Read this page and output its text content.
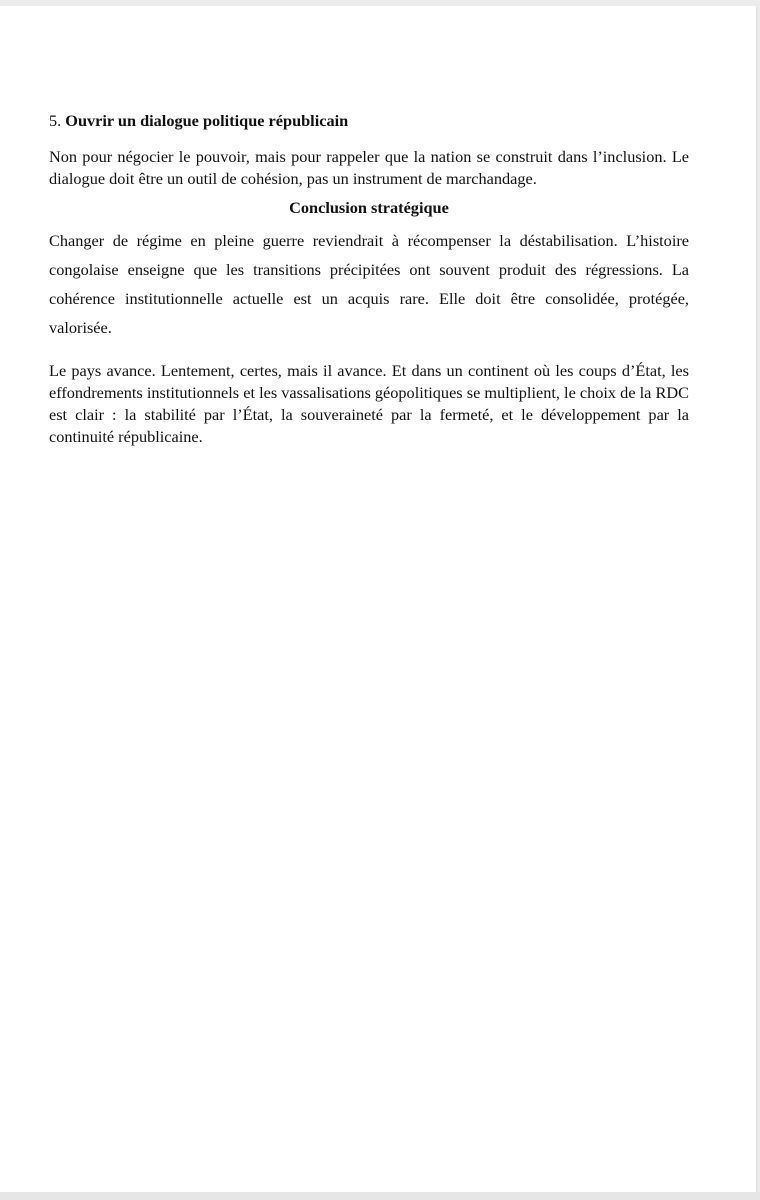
5. Ouvrir un dialogue politique républicain

Non pour négocier le pouvoir, mais pour rappeler que la nation se construit dans l’inclusion. Le dialogue doit être un outil de cohésion, pas un instrument de marchandage.

Conclusion stratégique

Changer de régime en pleine guerre reviendrait à récompenser la déstabilisation. L’histoire congolaise enseigne que les transitions précipitées ont souvent produit des régressions. La cohérence institutionnelle actuelle est un acquis rare. Elle doit être consolidée, protégée, valorisée.

Le pays avance. Lentement, certes, mais il avance. Et dans un continent où les coups d’État, les effondrements institutionnels et les vassalisations géopolitiques se multiplient, le choix de la RDC est clair : la stabilité par l’État, la souveraineté par la fermeté, et le développement par la continuité républicaine.
